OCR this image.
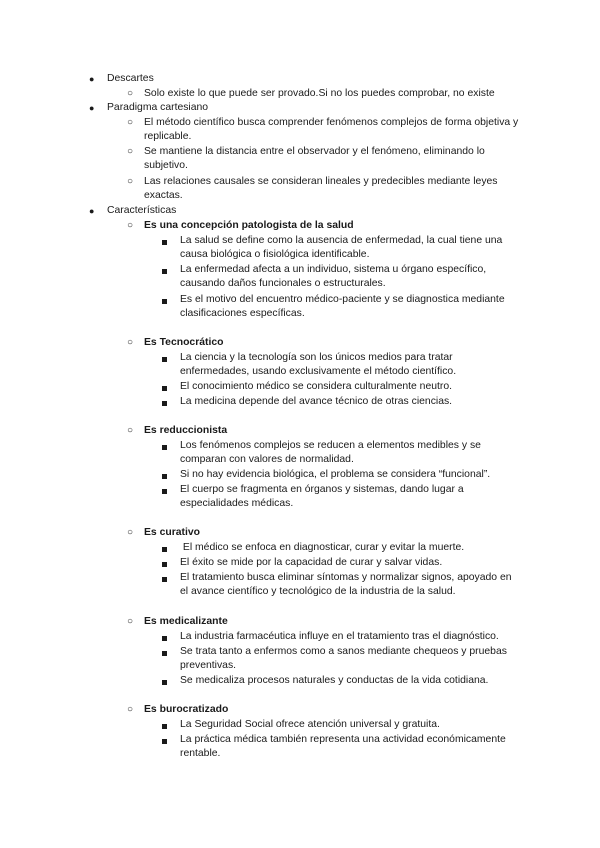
● Descartes
○ Solo existe lo que puede ser provado.Si no los puedes comprobar, no existe
● Paradigma cartesiano
○ El método científico busca comprender fenómenos complejos de forma objetiva y replicable.
○ Se mantiene la distancia entre el observador y el fenómeno, eliminando lo subjetivo.
○ Las relaciones causales se consideran lineales y predecibles mediante leyes exactas.
● Características
○ Es una concepción patologista de la salud
La salud se define como la ausencia de enfermedad, la cual tiene una causa biológica o fisiológica identificable.
La enfermedad afecta a un individuo, sistema u órgano específico, causando daños funcionales o estructurales.
Es el motivo del encuentro médico-paciente y se diagnostica mediante clasificaciones específicas.
○ Es Tecnocrático
La ciencia y la tecnología son los únicos medios para tratar enfermedades, usando exclusivamente el método científico.
El conocimiento médico se considera culturalmente neutro.
La medicina depende del avance técnico de otras ciencias.
○ Es reduccionista
Los fenómenos complejos se reducen a elementos medibles y se comparan con valores de normalidad.
Si no hay evidencia biológica, el problema se considera “funcional”.
El cuerpo se fragmenta en órganos y sistemas, dando lugar a especialidades médicas.
○ Es curativo
El médico se enfoca en diagnosticar, curar y evitar la muerte.
El éxito se mide por la capacidad de curar y salvar vidas.
El tratamiento busca eliminar síntomas y normalizar signos, apoyado en el avance científico y tecnológico de la industria de la salud.
○ Es medicalizante
La industria farmacéutica influye en el tratamiento tras el diagnóstico.
Se trata tanto a enfermos como a sanos mediante chequeos y pruebas preventivas.
Se medicaliza procesos naturales y conductas de la vida cotidiana.
○ Es burocratizado
La Seguridad Social ofrece atención universal y gratuita.
La práctica médica también representa una actividad económicamente rentable.
